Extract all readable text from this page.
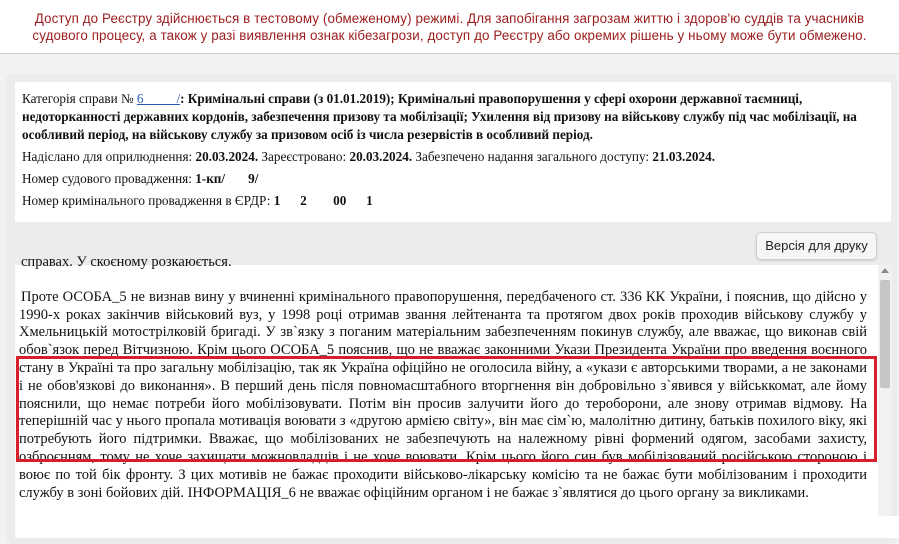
Доступ до Реєстру здійснюється в тестовому (обмеженому) режимі. Для запобігання загрозам життю і здоров'ю суддів та учасників судового процесу, а також у разі виявлення ознак кібезагрози, доступ до Реєстру або окремих рішень у ньому може бути обмежено.
Категорія справи № 6          /: Кримінальні справи (з 01.01.2019); Кримінальні правопорушення у сфері охорони державної таємниці, недоторканності державних кордонів, забезпечення призову та мобілізації; Ухилення від призову на військову службу під час мобілізації, на особливий період, на військову службу за призовом осіб із числа резервістів в особливий період.
Надіслано для оприлюднення: 20.03.2024. Зареєстровано: 20.03.2024. Забезпечено надання загального доступу: 21.03.2024.
Номер судового провадження: 1-кп/       9/
Номер кримінального провадження в ЄРДР: 1      2        00      1
Версія для друку

справах. У скоєному розкаюється.

Проте ОСОБА_5 не визнав вину у вчиненні кримінального правопорушення, передбаченого ст. 336 КК України, і пояснив, що дійсно у 1990-х роках закінчив військовий вуз, у 1998 році отримав звання лейтенанта та протягом двох років проходив військову службу у Хмельницькій мотострілковій бригаді. У зв`язку з поганим матеріальним забезпеченням покинув службу, але вважає, що виконав свій обов`язок перед Вітчизною. Крім цього ОСОБА_5 пояснив, що не вважає законними Укази Президента України про введення воєнного стану в Україні та про загальну мобілізацію, так як Україна офіційно не оголосила війну, а «укази є авторськими творами, а не законами і не обов'язкові до виконання». В перший день після повномасштабного вторгнення він добровільно з`явився у військкомат, але йому пояснили, що немає потреби його мобілізовувати. Потім він просив залучити його до тероборони, але знову отримав відмову. На теперішній час у нього пропала мотивація воювати з «другою армією світу», він має сім`ю, малолітню дитину, батьків похилого віку, які потребують його підтримки. Вважає, що мобілізованих не забезпечують на належному рівні формений одягом, засобами захисту, озброєнням, тому не хоче захищати можновладців і не хоче воювати. Крім цього його син був мобілізований російською стороною і воює по той бік фронту. З цих мотивів не бажає проходити військово-лікарську комісію та не бажає бути мобілізованим і проходити службу в зоні бойових дій. ІНФОРМАЦІЯ_6 не вважає офіційним органом і не бажає з`являтися до цього органу за викликами.
